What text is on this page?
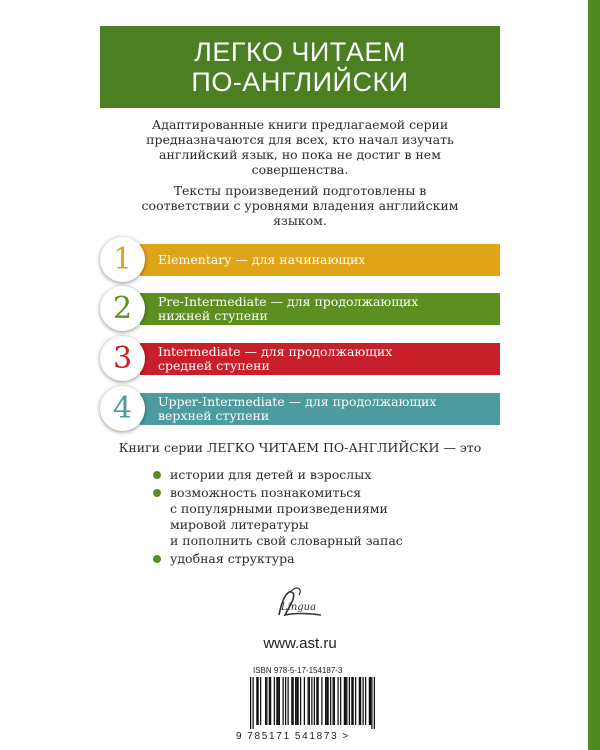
ЛЕГКО ЧИТАЕМ
ПО-АНГЛИЙСКИ

Адаптированные книги предлагаемой серии предназначаются для всех, кто начал изучать английский язык, но пока не достиг в нем совершенства.

Тексты произведений подготовлены в соответствии с уровнями владения английским языком.

1	Elementary — для начинающих
2	Pre-Intermediate — для продолжающих
нижней ступени
3	Intermediate — для продолжающих
средней ступени
4	Upper-Intermediate — для продолжающих
верхней ступени
Книги серии ЛЕГКО ЧИТАЕМ ПО-АНГЛИЙСКИ — это
истории для детей и взрослых
возможность познакомиться
с популярными произведениями
мировой литературы
и пополнить свой словарный запас
удобная структура
Lingua
www.ast.ru
ISBN 978-5-17-154187-3
9 785171 541873 >
